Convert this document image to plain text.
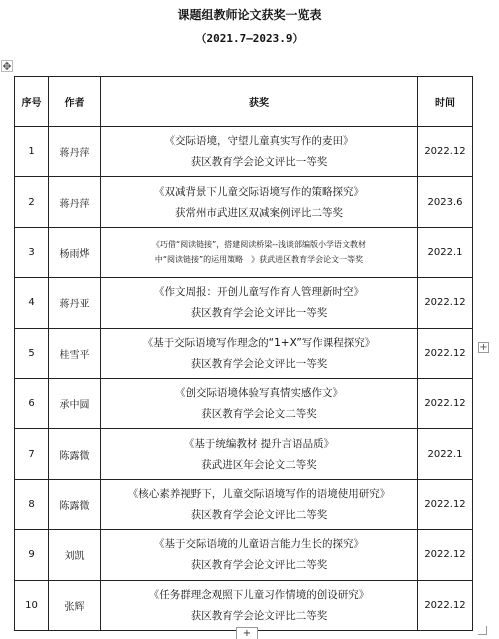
课题组教师论文获奖一览表
（2021.7—2023.9）
✥
序号	作者	获奖	时间
1	蒋丹萍	《交际语境，守望儿童真实写作的麦田》
获区教育学会论文评比一等奖	2022.12
2	蒋丹萍	《双减背景下儿童交际语境写作的策略探究》
获常州市武进区双减案例评比二等奖	2023.6
3	杨雨烨	《巧借“阅读链接”，搭建阅读桥梁--浅谈部编版小学语文教材
中“阅读链接”的运用策略　》获武进区教育学会论文一等奖	2022.1
4	蒋丹亚	《作文周报：开创儿童写作育人管理新时空》
获区教育学会论文评比一等奖	2022.12
5	桂雪平	《基于交际语境写作理念的“1+X”写作课程探究》
获区教育学会论文评比一等奖	2022.12
6	承中圆	《创交际语境体验写真情实感作文》
获区教育学会论文二等奖	2022.12
7	陈露微	《基于统编教材 提升言语品质》
获武进区年会论文二等奖	2022.1
8	陈露微	《核心素养视野下，儿童交际语境写作的语境使用研究》
获区教育学会论文评比二等奖	2022.12
9	刘凯	《基于交际语境的儿童语言能力生长的探究》
获区教育学会论文评比二等奖	2022.12
10	张辉	《任务群理念观照下儿童习作情境的创设研究》
获区教育学会论文评比二等奖	2022.12
+
+
